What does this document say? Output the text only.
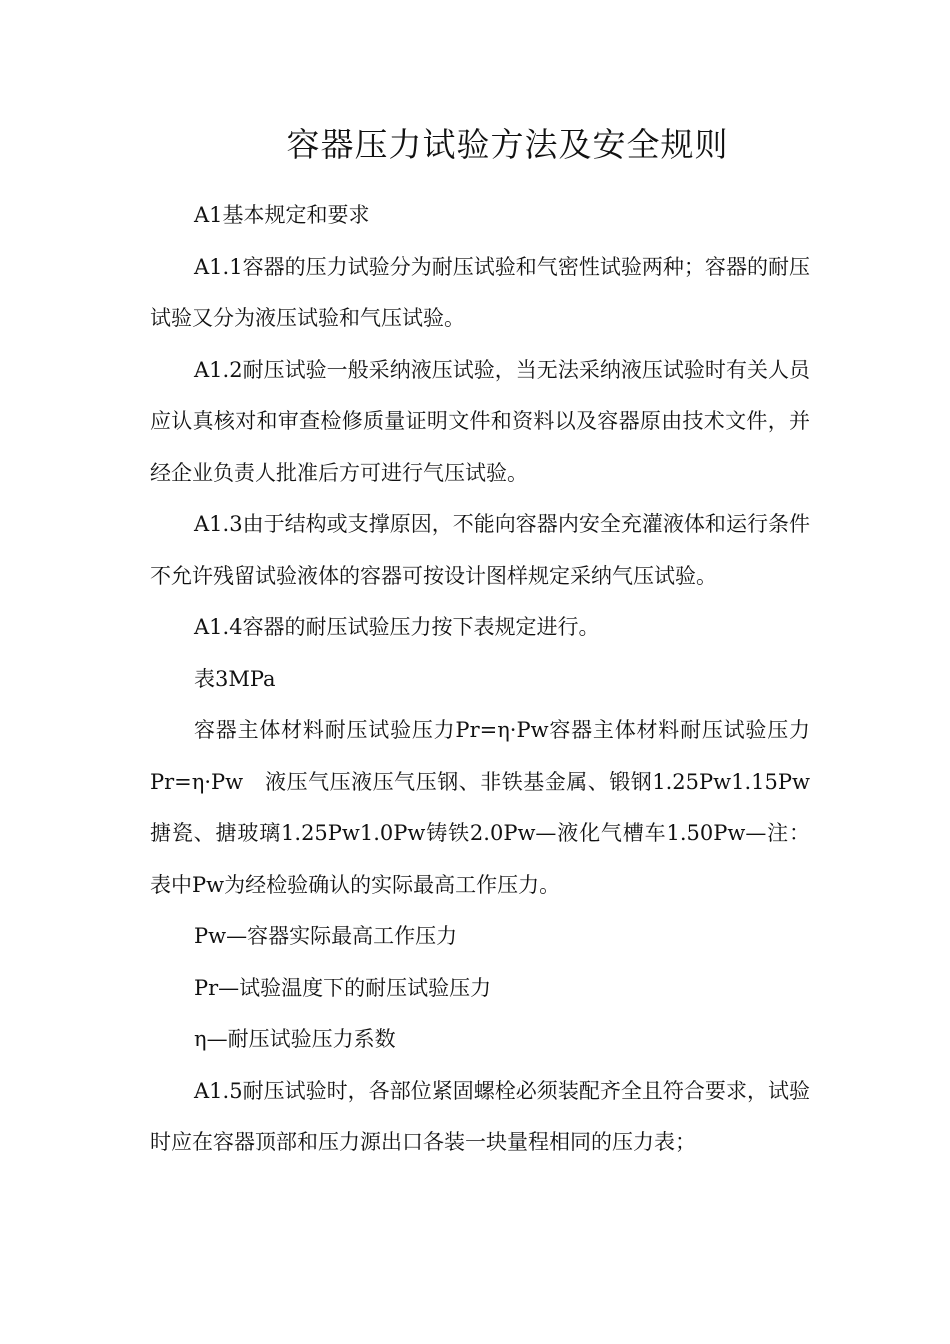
容器压力试验方法及安全规则

A1基本规定和要求

A1.1容器的压力试验分为耐压试验和气密性试验两种；容器的耐压试验又分为液压试验和气压试验。

A1.2耐压试验一般采纳液压试验，当无法采纳液压试验时有关人员应认真核对和审查检修质量证明文件和资料以及容器原由技术文件，并经企业负责人批准后方可进行气压试验。

A1.3由于结构或支撑原因，不能向容器内安全充灌液体和运行条件不允许残留试验液体的容器可按设计图样规定采纳气压试验。

A1.4容器的耐压试验压力按下表规定进行。

表3MPa

容器主体材料耐压试验压力Pr=η·Pw容器主体材料耐压试验压力Pr=η·Pw　液压气压液压气压钢、非铁基金属、锻钢1.25Pw1.15Pw搪瓷、搪玻璃1.25Pw1.0Pw铸铁2.0Pw—液化气槽车1.50Pw—注：表中Pw为经检验确认的实际最高工作压力。

Pw—容器实际最高工作压力

Pr—试验温度下的耐压试验压力

η—耐压试验压力系数

A1.5耐压试验时，各部位紧固螺栓必须装配齐全且符合要求，试验时应在容器顶部和压力源出口各装一块量程相同的压力表；
